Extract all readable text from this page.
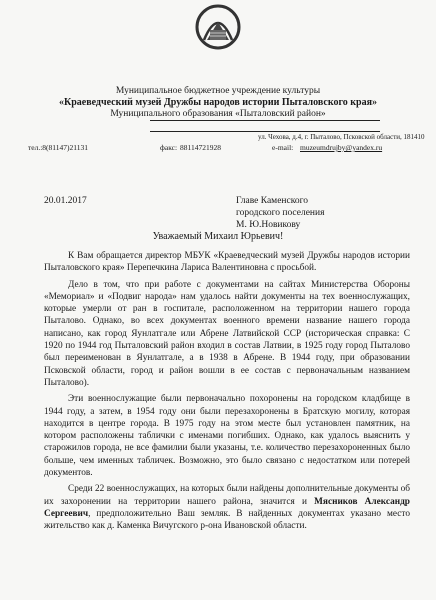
Муниципальное бюджетное учреждение культуры
«Краеведческий музей Дружбы народов истории Пыталовского края»
Муниципального образования «Пыталовский район»
ул. Чехова, д.4, г. Пыталово, Псковской области, 181410
тел.:8(81147)21131	факс: 88114721928	e-mail: muzeumdrujby@yandex.ru
20.01.2017	Главе Каменского
городского поселения
М. Ю.Новикову
Уважаемый Михаил Юрьевич!

К Вам обращается директор МБУК «Краеведческий музей Дружбы народов истории Пыталовского края» Перепечкина Лариса Валентиновна с просьбой.

Дело в том, что при работе с документами на сайтах Министерства Обороны «Мемориал» и «Подвиг народа» нам удалось найти документы на тех военнослужащих, которые умерли от ран в госпитале, расположенном на территории нашего города Пыталово. Однако, во всех документах военного времени название нашего города написано, как город Яунлатгале или Абрене Латвийской ССР (историческая справка: С 1920 по 1944 год Пыталовский район входил в состав Латвии, в 1925 году город Пыталово был переименован в Яунлатгале, а в 1938 в Абрене. В 1944 году, при образовании Псковской области, город и район вошли в ее состав с первоначальным названием Пыталово).

Эти военнослужащие были первоначально похоронены на городском кладбище в 1944 году, а затем, в 1954 году они были перезахоронены в Братскую могилу, которая находится в центре города. В 1975 году на этом месте был установлен памятник, на котором расположены таблички с именами погибших. Однако, как удалось выяснить у старожилов города, не все фамилии были указаны, т.е. количество перезахороненных было больше, чем именных табличек. Возможно, это было связано с недостатком или потерей документов.

Среди 22 военнослужащих, на которых были найдены дополнительные документы об их захоронении на территории нашего района, значится и Мясников Александр Сергеевич, предположительно Ваш земляк. В найденных документах указано место жительство как д. Каменка Вичугского р-она Ивановской области.
